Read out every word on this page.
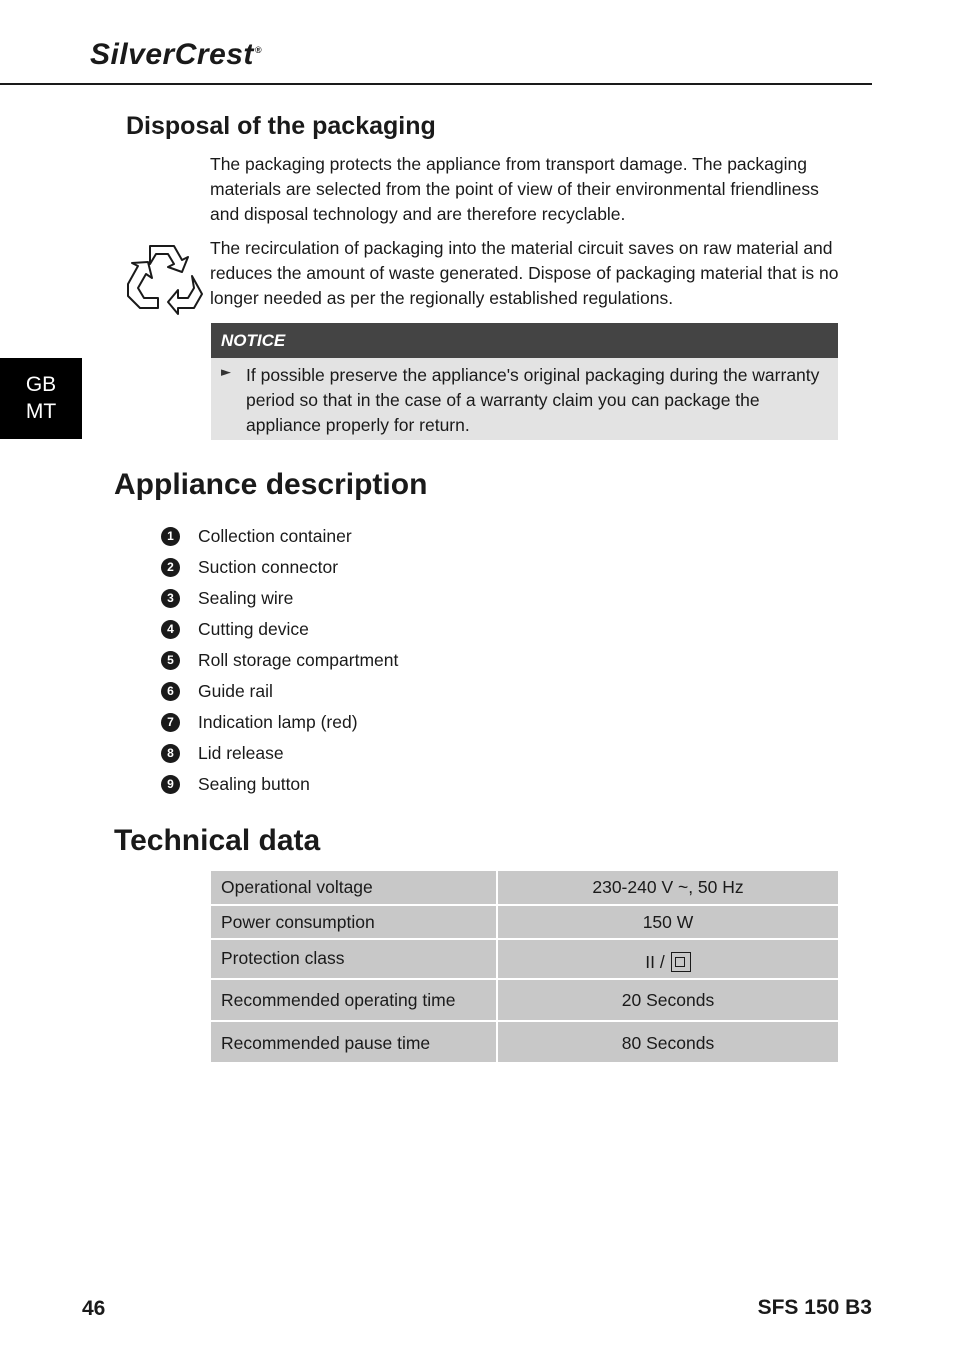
SilverCrest®
GB
MT
Disposal of the packaging
The packaging protects the appliance from transport damage. The packaging materials are selected from the point of view of their environmental friendliness and disposal technology and are therefore recyclable.
The recirculation of packaging into the material circuit saves on raw material and reduces the amount of waste generated. Dispose of packaging material that is no longer needed as per the regionally established regulations.
NOTICE
► If possible preserve the appliance's original packaging during the warranty period so that in the case of a warranty claim you can package the appliance properly for return.
Appliance description
1	Collection container
2	Suction connector
3	Sealing wire
4	Cutting device
5	Roll storage compartment
6	Guide rail
7	Indication lamp (red)
8	Lid release
9	Sealing button
Technical data
Operational voltage	230-240 V ~, 50 Hz
Power consumption	150 W
Protection class	II /
Recommended operating time	20 Seconds
Recommended pause time	80 Seconds
46	SFS 150 B3
